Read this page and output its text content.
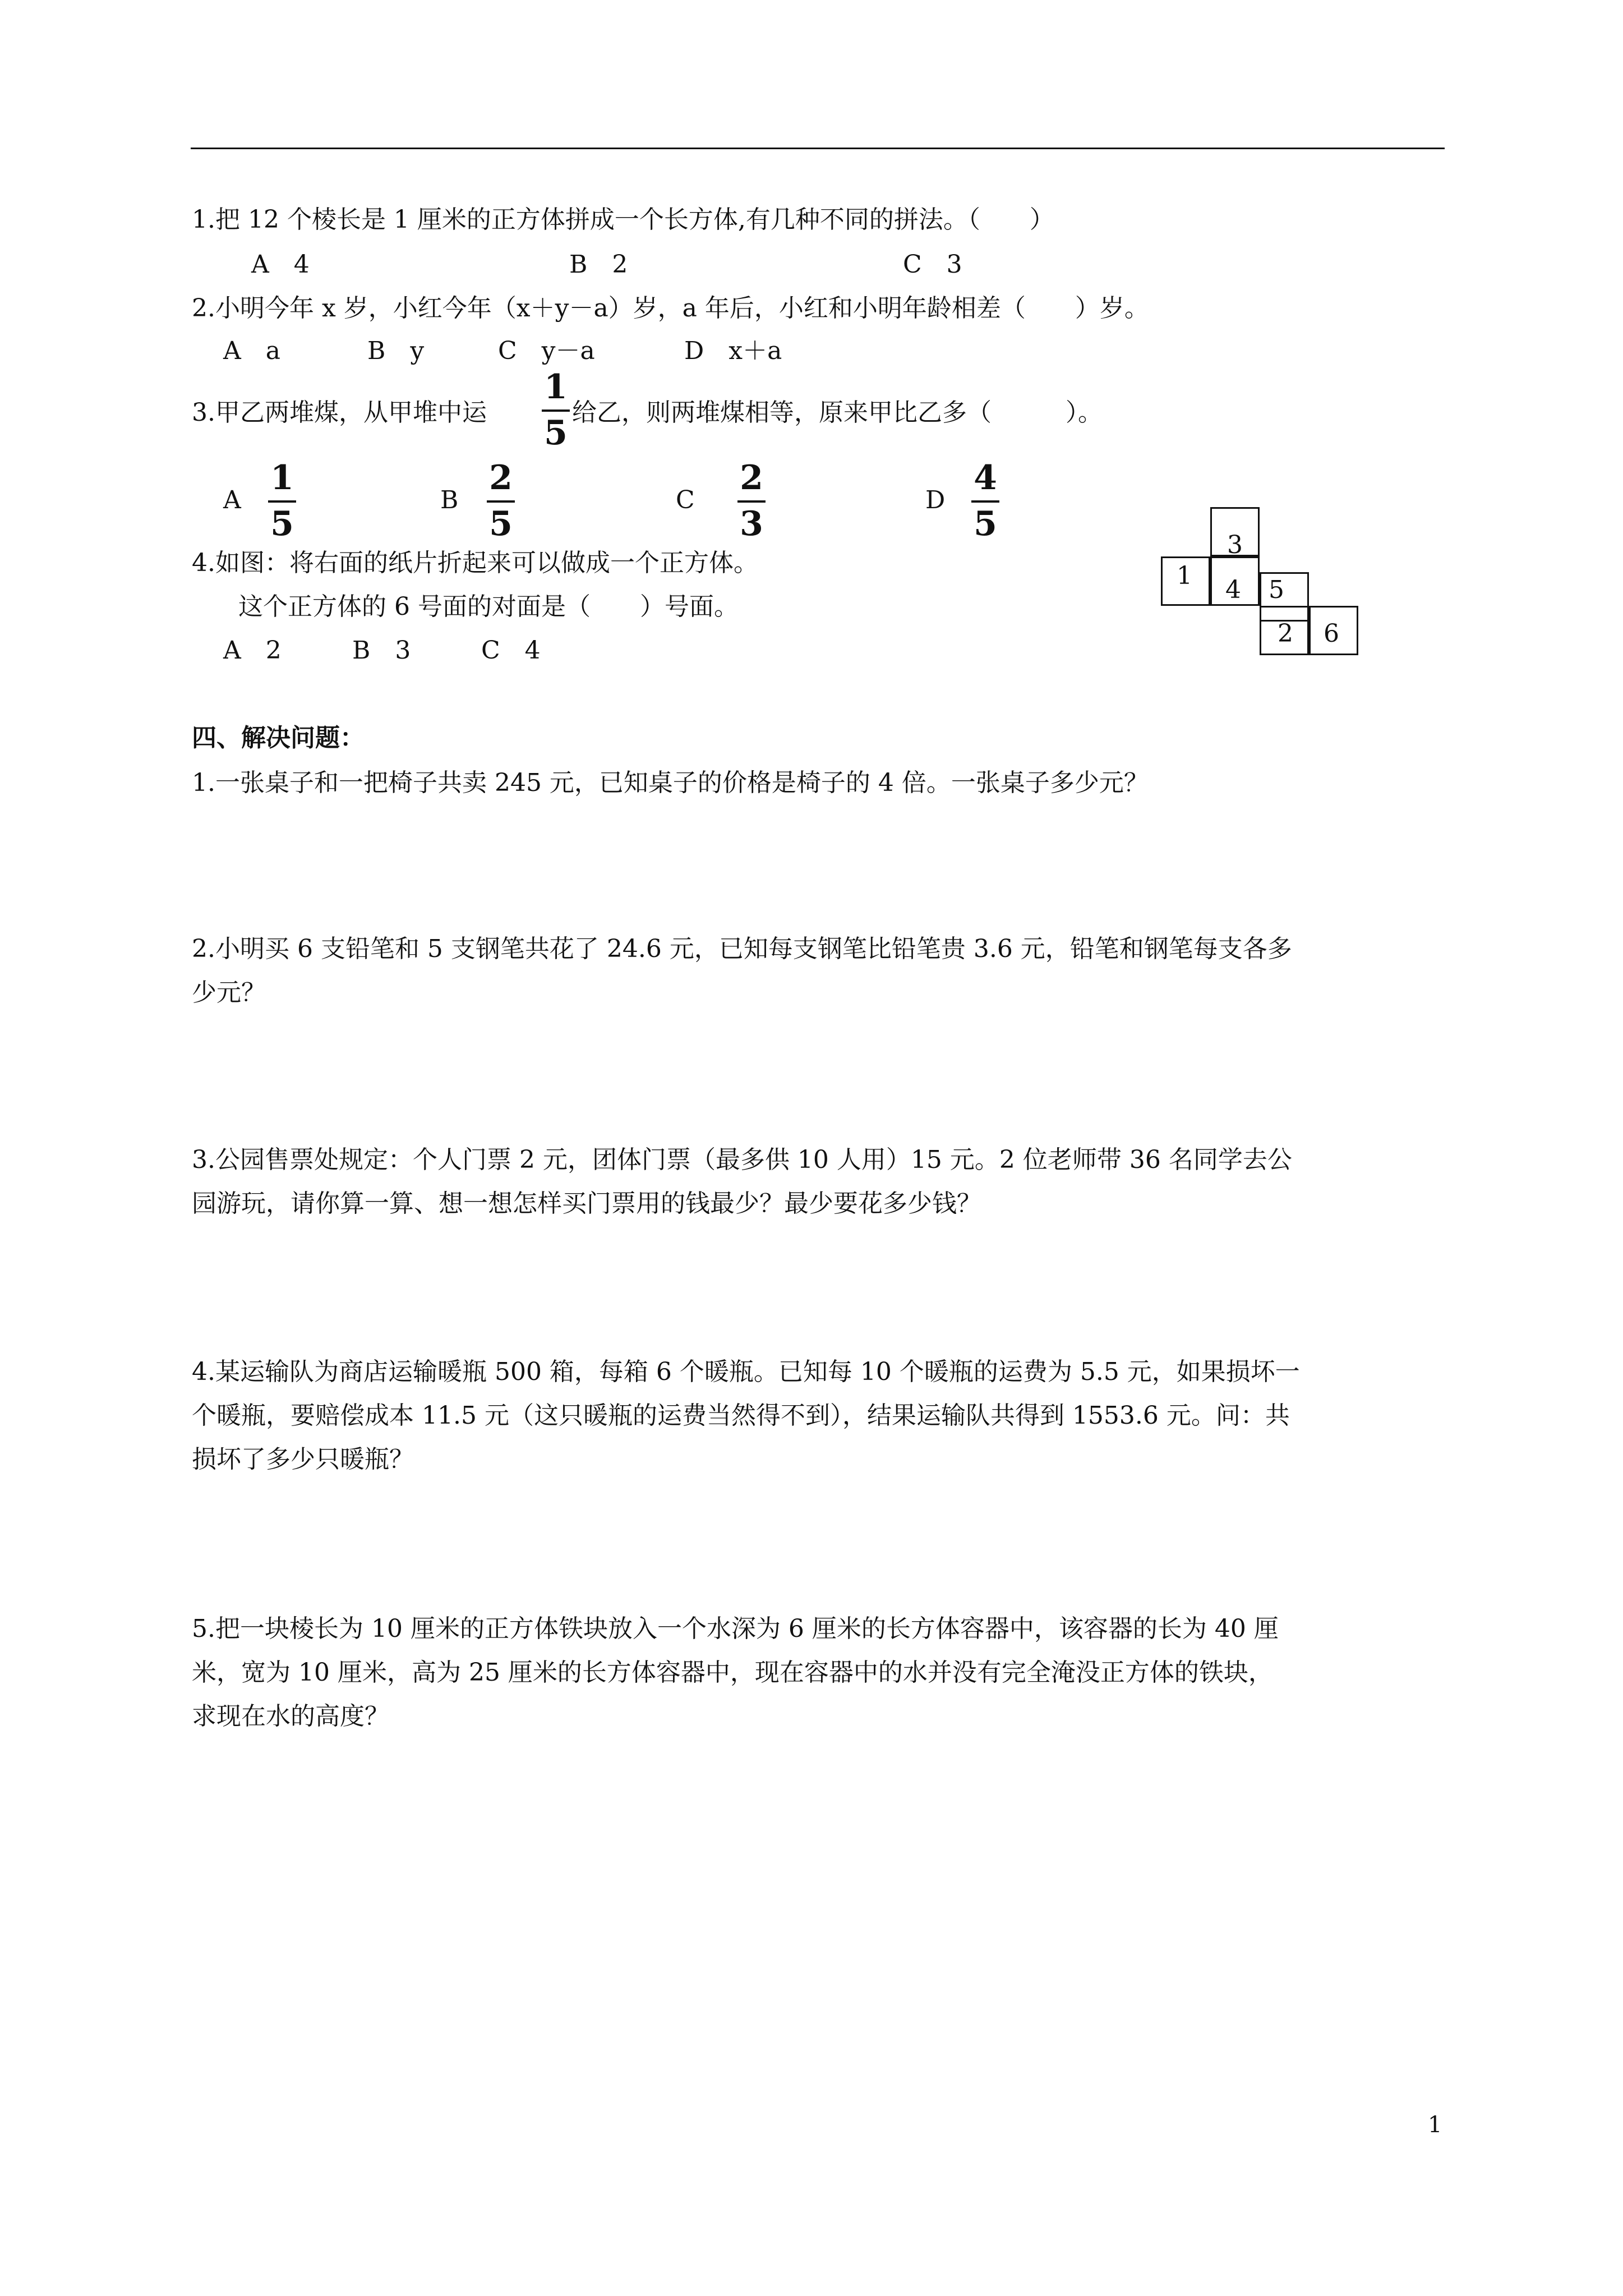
1.把 12 个棱长是 1 厘米的正方体拼成一个长方体,有几种不同的拼法。（　　）
A　4	B　2	C　3
2.小明今年 x 岁，小红今年（x＋y－a）岁，a 年后，小红和小明年龄相差（　　）岁。
A　a	B　y	C　y－a	D　x＋a
3.甲乙两堆煤，从甲堆中运
1
5
给乙，则两堆煤相等，原来甲比乙多（　　　）。
A
1
5
B
2
5
C
2
3
D
4
5
4.如图：将右面的纸片折起来可以做成一个正方体。
这个正方体的 6 号面的对面是（　　）号面。
A　2	B　3	C　4
3
1 4 5
2 6
四、解决问题：
1.一张桌子和一把椅子共卖 245 元，已知桌子的价格是椅子的 4 倍。一张桌子多少元？
2.小明买 6 支铅笔和 5 支钢笔共花了 24.6 元，已知每支钢笔比铅笔贵 3.6 元，铅笔和钢笔每支各多
少元？
3.公园售票处规定：个人门票 2 元，团体门票（最多供 10 人用）15 元。2 位老师带 36 名同学去公
园游玩，请你算一算、想一想怎样买门票用的钱最少？最少要花多少钱？
4.某运输队为商店运输暖瓶 500 箱，每箱 6 个暖瓶。已知每 10 个暖瓶的运费为 5.5 元，如果损坏一
个暖瓶，要赔偿成本 11.5 元（这只暖瓶的运费当然得不到），结果运输队共得到 1553.6 元。问：共
损坏了多少只暖瓶？
5.把一块棱长为 10 厘米的正方体铁块放入一个水深为 6 厘米的长方体容器中，该容器的长为 40 厘
米，宽为 10 厘米，高为 25 厘米的长方体容器中，现在容器中的水并没有完全淹没正方体的铁块，
求现在水的高度？
1
